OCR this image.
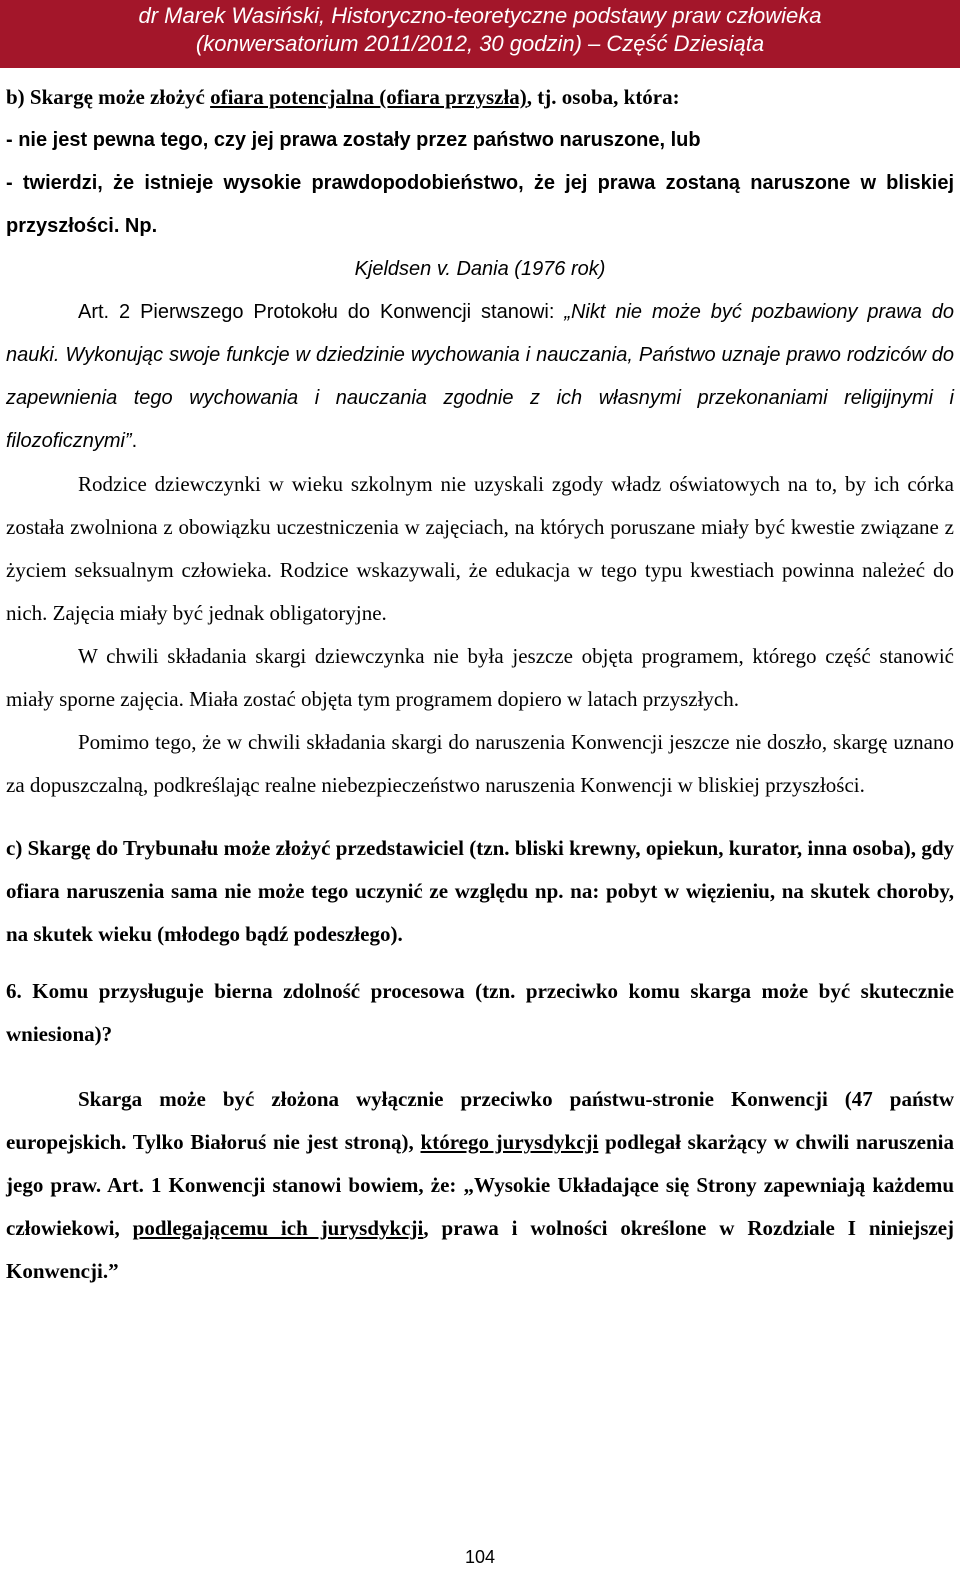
dr Marek Wasiński, Historyczno-teoretyczne podstawy praw człowieka
(konwersatorium 2011/2012, 30 godzin) – Część Dziesiąta

b) Skargę może złożyć ofiara potencjalna (ofiara przyszła), tj. osoba, która:

- nie jest pewna tego, czy jej prawa zostały przez państwo naruszone, lub

- twierdzi, że istnieje wysokie prawdopodobieństwo, że jej prawa zostaną naruszone w bliskiej przyszłości. Np.

Kjeldsen v. Dania (1976 rok)

Art. 2 Pierwszego Protokołu do Konwencji stanowi: „Nikt nie może być pozbawiony prawa do nauki. Wykonując swoje funkcje w dziedzinie wychowania i nauczania, Państwo uznaje prawo rodziców do zapewnienia tego wychowania i nauczania zgodnie z ich własnymi przekonaniami religijnymi i filozoficznymi”.

Rodzice dziewczynki w wieku szkolnym nie uzyskali zgody władz oświatowych na to, by ich córka została zwolniona z obowiązku uczestniczenia w zajęciach, na których poruszane miały być kwestie związane z życiem seksualnym człowieka. Rodzice wskazywali, że edukacja w tego typu kwestiach powinna należeć do nich. Zajęcia miały być jednak obligatoryjne.

W chwili składania skargi dziewczynka nie była jeszcze objęta programem, którego część stanowić miały sporne zajęcia. Miała zostać objęta tym programem dopiero w latach przyszłych.

Pomimo tego, że w chwili składania skargi do naruszenia Konwencji jeszcze nie doszło, skargę uznano za dopuszczalną, podkreślając realne niebezpieczeństwo naruszenia Konwencji w bliskiej przyszłości.

c) Skargę do Trybunału może złożyć przedstawiciel (tzn. bliski krewny, opiekun, kurator, inna osoba), gdy ofiara naruszenia sama nie może tego uczynić ze względu np. na: pobyt w więzieniu, na skutek choroby, na skutek wieku (młodego bądź podeszłego).

6. Komu przysługuje bierna zdolność procesowa (tzn. przeciwko komu skarga może być skutecznie wniesiona)?

Skarga może być złożona wyłącznie przeciwko państwu-stronie Konwencji (47 państw europejskich. Tylko Białoruś nie jest stroną), którego jurysdykcji podlegał skarżący w chwili naruszenia jego praw. Art. 1 Konwencji stanowi bowiem, że: „Wysokie Układające się Strony zapewniają każdemu człowiekowi, podlegającemu ich jurysdykcji, prawa i wolności określone w Rozdziale I niniejszej Konwencji.”

104
